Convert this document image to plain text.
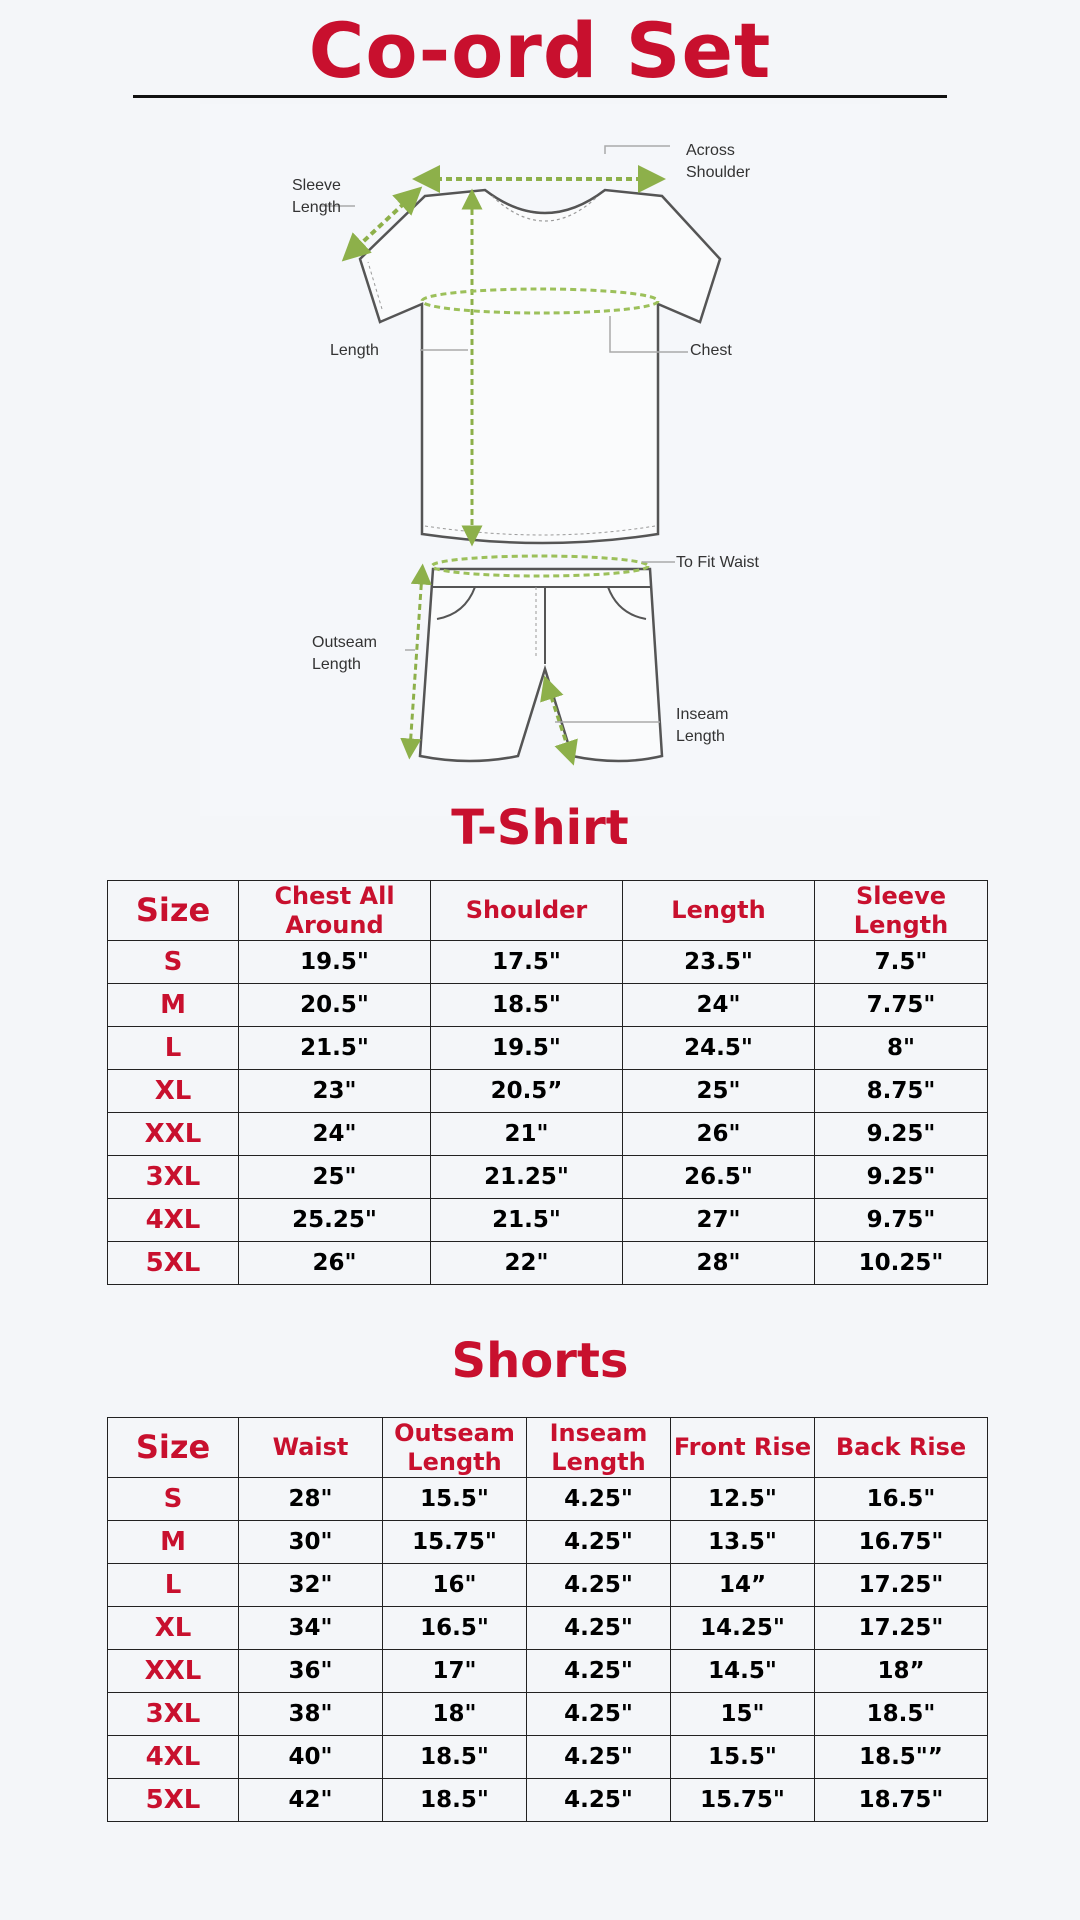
Co-ord Set
Across
Shoulder
Sleeve
Length
Length	Chest
To Fit Waist
Outseam
Length
Inseam
Length
T-Shirt
Size	Chest All Around	Shoulder	Length	Sleeve Length
S	19.5"	17.5"	23.5"	7.5"
M	20.5"	18.5"	24"	7.75"
L	21.5"	19.5"	24.5"	8"
XL	23"	20.5”	25"	8.75"
XXL	24"	21"	26"	9.25"
3XL	25"	21.25"	26.5"	9.25"
4XL	25.25"	21.5"	27"	9.75"
5XL	26"	22"	28"	10.25"
Shorts
Size	Waist	Outseam Length	Inseam Length	Front Rise	Back Rise
S	28"	15.5"	4.25"	12.5"	16.5"
M	30"	15.75"	4.25"	13.5"	16.75"
L	32"	16"	4.25"	14”	17.25"
XL	34"	16.5"	4.25"	14.25"	17.25"
XXL	36"	17"	4.25"	14.5"	18”
3XL	38"	18"	4.25"	15"	18.5"
4XL	40"	18.5"	4.25"	15.5"	18.5"”
5XL	42"	18.5"	4.25"	15.75"	18.75"
